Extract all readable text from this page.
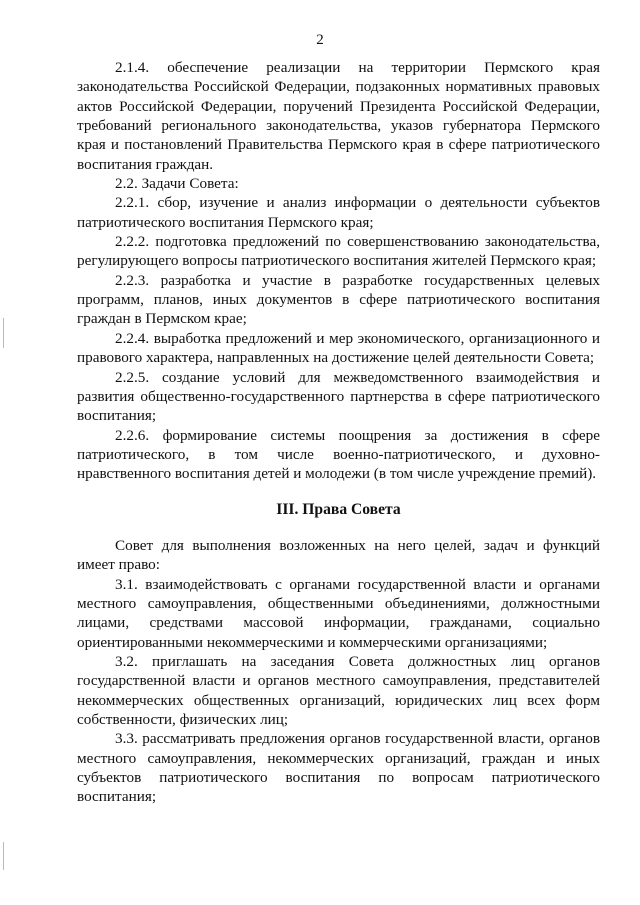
2

2.1.4. обеспечение реализации на территории Пермского края законодательства Российской Федерации, подзаконных нормативных правовых актов Российской Федерации, поручений Президента Российской Федерации, требований регионального законодательства, указов губернатора Пермского края и постановлений Правительства Пермского края в сфере патриотического воспитания граждан.

2.2. Задачи Совета:

2.2.1. сбор, изучение и анализ информации о деятельности субъектов патриотического воспитания Пермского края;

2.2.2. подготовка предложений по совершенствованию законодательства, регулирующего вопросы патриотического воспитания жителей Пермского края;

2.2.3. разработка и участие в разработке государственных целевых программ, планов, иных документов в сфере патриотического воспитания граждан в Пермском крае;

2.2.4. выработка предложений и мер экономического, организационного и правового характера, направленных на достижение целей деятельности Совета;

2.2.5. создание условий для межведомственного взаимодействия и развития общественно-государственного партнерства в сфере патриотического воспитания;

2.2.6. формирование системы поощрения за достижения в сфере патриотического, в том числе военно-патриотического, и духовно-нравственного воспитания детей и молодежи (в том числе учреждение премий).

III. Права Совета

Совет для выполнения возложенных на него целей, задач и функций имеет право:

3.1. взаимодействовать с органами государственной власти и органами местного самоуправления, общественными объединениями, должностными лицами, средствами массовой информации, гражданами, социально ориентированными некоммерческими и коммерческими организациями;

3.2. приглашать на заседания Совета должностных лиц органов государственной власти и органов местного самоуправления, представителей некоммерческих общественных организаций, юридических лиц всех форм собственности, физических лиц;

3.3. рассматривать предложения органов государственной власти, органов местного самоуправления, некоммерческих организаций, граждан и иных субъектов патриотического воспитания по вопросам патриотического воспитания;
